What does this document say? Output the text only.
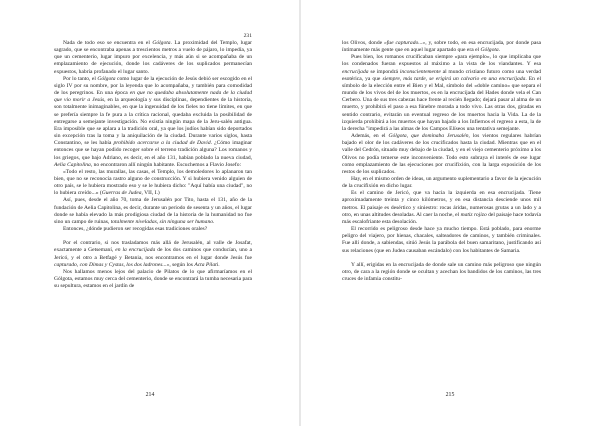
231

Nada de todo eso se encuentra en el Gólgota. La proximidad del Templo, lugar sagrado, que se encontraba apenas a trescientos metros a vuelo de pájaro, lo impedía, ya que un cementerio, lugar impuro por excelencia, y más aún si se acompañaba de un emplazamiento de ejecución, donde los cadáveres de los suplicados permanecían expuestos, habría profanado el lugar santo.

Por lo tanto, el Gólgota como lugar de la ejecución de Jesús debió ser escogido en el siglo IV por su nombre, por la leyenda que lo acompañaba, y también para comodidad de los peregrinos. En una época en que no quedaba absolutamente nada de la ciudad que vio morir a Jesús, en la arqueología y sus disciplinas, dependientes de la historia, son totalmente inimaginables, en que la ingenuidad de los fieles no tiene límites, en que se prefería siempre la fe pura a la crítica racional, quedaba excluida la posibilidad de entregarse a semejante investigación. No existía ningún mapa de la Jeru-salén antigua. Era imposible que se aplara a la tradición oral, ya que los judíos habían sido deportados sin excepción tras la toma y la aniquilación de la ciudad. Durante varios siglos, hasta Constantino, se les había prohibido acercarse a la ciudad de David. ¿Cómo imaginar entonces que se hayan podido recoger sobre el terreno tradición alguna? Los romanos y los griegos, que bajo Adriano, es decir, en el año 131, habían poblado la nueva ciudad, Aelia Capitolina, no encontraron allí ningún habitante. Escuchemos a Flavio Josefo:

«Todo el resto, las murallas, las casas, el Templo, los demoledores lo aplanaron tan bien, que no se reconocía rastro alguno de construcción. Y si hubiera venido alguien de otro país, se le hubiera mostrado eso y se le hubiera dicho: "Aquí había una ciudad", no lo hubiera creído...» (Guerras de Judea, VII, I.)

Así, pues, desde el año 70, toma de Jerusalén por Tito, hasta el 131, año de la fundación de Aelia Capitolina, es decir, durante un periodo de sesenta y un años, el lugar donde se había elevado la más prodigiosa ciudad de la historia de la humanidad no fue sino un campo de ruinas, totalmente niveladas, sin ninguna ser humano.

Entonces, ¿dónde pudieron ser recogidas esas tradiciones orales?

Por el contrario, si nos trasladamos más allá de Jerusalén, al valle de Josafat, exactamente a Getsemaní, en la encrucijada de los dos caminos que conducían, uno a Jericó, y el otro a Betfagé y Betania, nos encontramos en el lugar donde Jesús fue capturado, con Dimas y Cystas, los dos ladrones...», según los Acta Pilati.

Nos hallamos menos lejos del palacio de Pilatos de lo que afirmaríamos en el Gólgota, estamos muy cerca del cementerio, donde se encontrará la tumba necesaria para su sepultura, estamos en el jardín de

214

los Olivos, donde «fue capturado...», y, sobre todo, en esa encrucijada, por donde pasa íntimamente más gente que en aquel lugar apartado que era el Gólgota.

Pues bien, los romanos crucificaban siempre «para ejemplo», lo que implicaba que los condenados fueran expuestos al máximo a la vista de los viandantes. Y esa encrucijada se impondrá inconscientemente al mundo cristiano futuro como una verdad esotérica, ya que siempre, más tarde, se erigirá un calvario en una encrucijada. En el símbolo de la elección entre el Bien y el Mal, símbolo del «doble camino» que separa el mundo de los vivos del de los muertos, es en la encrucijada del Hades donde vela el Can Cerbero. Una de sus tres cabezas hace frente al recién llegado; dejará pasar al alma de un muerto, y prohibirá el paso a esa fúnebre morada a todo vivo. Las otras dos, giradas en sentido contrario, evitarán un eventual regreso de los muertos hacia la Vida. La de la izquierda prohibirá a los muertos que hayan bajado a los Infiernos el regreso a esta, la de la derecha "impedirá a las almas de los Campos Elíseos una tentativa semejante.

Además, en el Gólgota, que dominaba Jerusalén, los vientos regulares habrían bajado el olor de los cadáveres de los crucificados hasta la ciudad. Mientras que en el valle del Cedrón, situado muy debajo de la ciudad, y en el viejo cementerio próximo a los Olivos no podía temerse este inconveniente. Todo esto subraya el interés de ese lugar como emplazamiento de las ejecuciones por crucifixión, con la larga exposición de los restos de los suplicados.

Hay, en el mismo orden de ideas, un argumento suplementario a favor de la ejecución de la crucifixión en dicho lugar.

Es el camino de Jericó, que va hacia la izquierda en esa encrucijada. Tiene aproximadamente treinta y cinco kilómetros, y en esa distancia desciende unos mil metros. El paisaje es desértico y siniestro: rocas áridas, numerosas grutas a un lado y a otro, en unas altitudes desoladas. Al caer la noche, el matiz rojizo del paisaje hace todavía más escalofriante esta desolación.

El recorrido es peligroso desde hace ya mucho tiempo. Está poblado, para enorme peligro del viajero, por hienas, chacales, salteadores de caminos, y también criminales. Fue allí donde, a sabiendas, sitúó Jesús la parábola del buen samaritano, justificando así sus relaciones (que en Judea causaban escándalo) con los habitantes de Samaria.

Y allí, erigidas en la encrucijada de donde sale un camino más peligroso que ningún otro, de cara a la región donde se ocultan y acechan los bandidos de los caminos, las tres cruces de infamia constitu-

215
